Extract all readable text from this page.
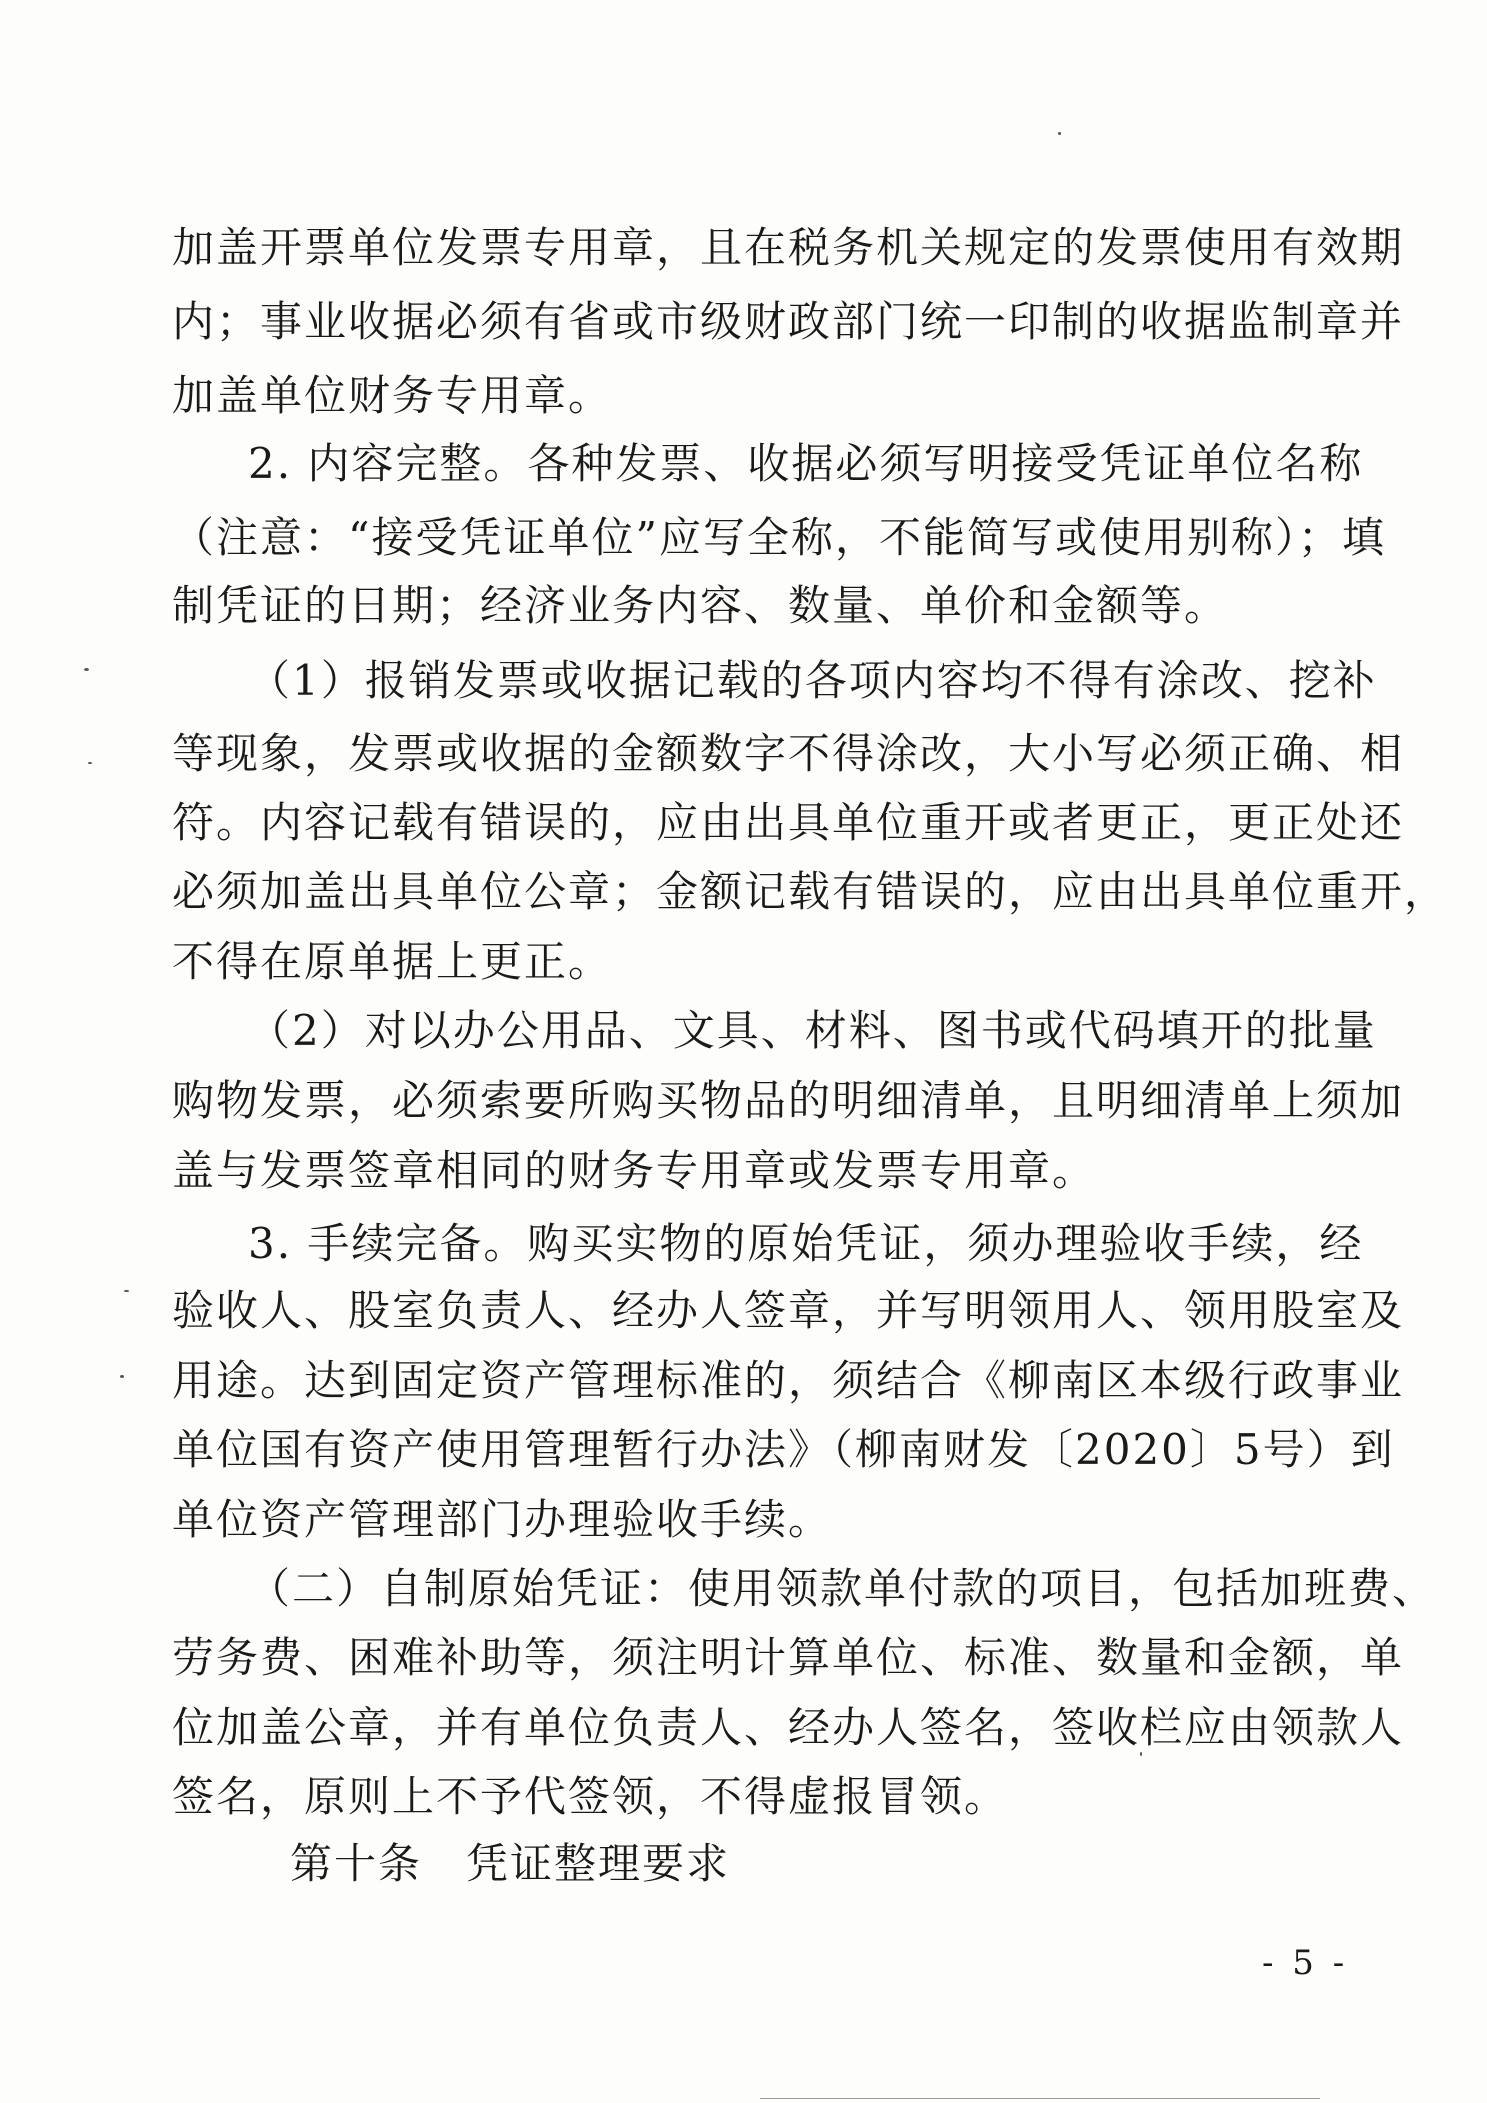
加盖开票单位发票专用章，且在税务机关规定的发票使用有效期
内；事业收据必须有省或市级财政部门统一印制的收据监制章并
加盖单位财务专用章。
2. 内容完整。各种发票、收据必须写明接受凭证单位名称
（注意：“接受凭证单位”应写全称，不能简写或使用别称）；填
制凭证的日期；经济业务内容、数量、单价和金额等。
（1）报销发票或收据记载的各项内容均不得有涂改、挖补
等现象，发票或收据的金额数字不得涂改，大小写必须正确、相
符。内容记载有错误的，应由出具单位重开或者更正，更正处还
必须加盖出具单位公章；金额记载有错误的，应由出具单位重开，
不得在原单据上更正。
（2）对以办公用品、文具、材料、图书或代码填开的批量
购物发票，必须索要所购买物品的明细清单，且明细清单上须加
盖与发票签章相同的财务专用章或发票专用章。
3. 手续完备。购买实物的原始凭证，须办理验收手续，经
验收人、股室负责人、经办人签章，并写明领用人、领用股室及
用途。达到固定资产管理标准的，须结合《柳南区本级行政事业
单位国有资产使用管理暂行办法》（柳南财发〔2020〕5号）到
单位资产管理部门办理验收手续。
（二）自制原始凭证：使用领款单付款的项目，包括加班费、
劳务费、困难补助等，须注明计算单位、标准、数量和金额，单
位加盖公章，并有单位负责人、经办人签名，签收栏应由领款人
签名，原则上不予代签领，不得虚报冒领。
第十条　凭证整理要求
- 5 -
